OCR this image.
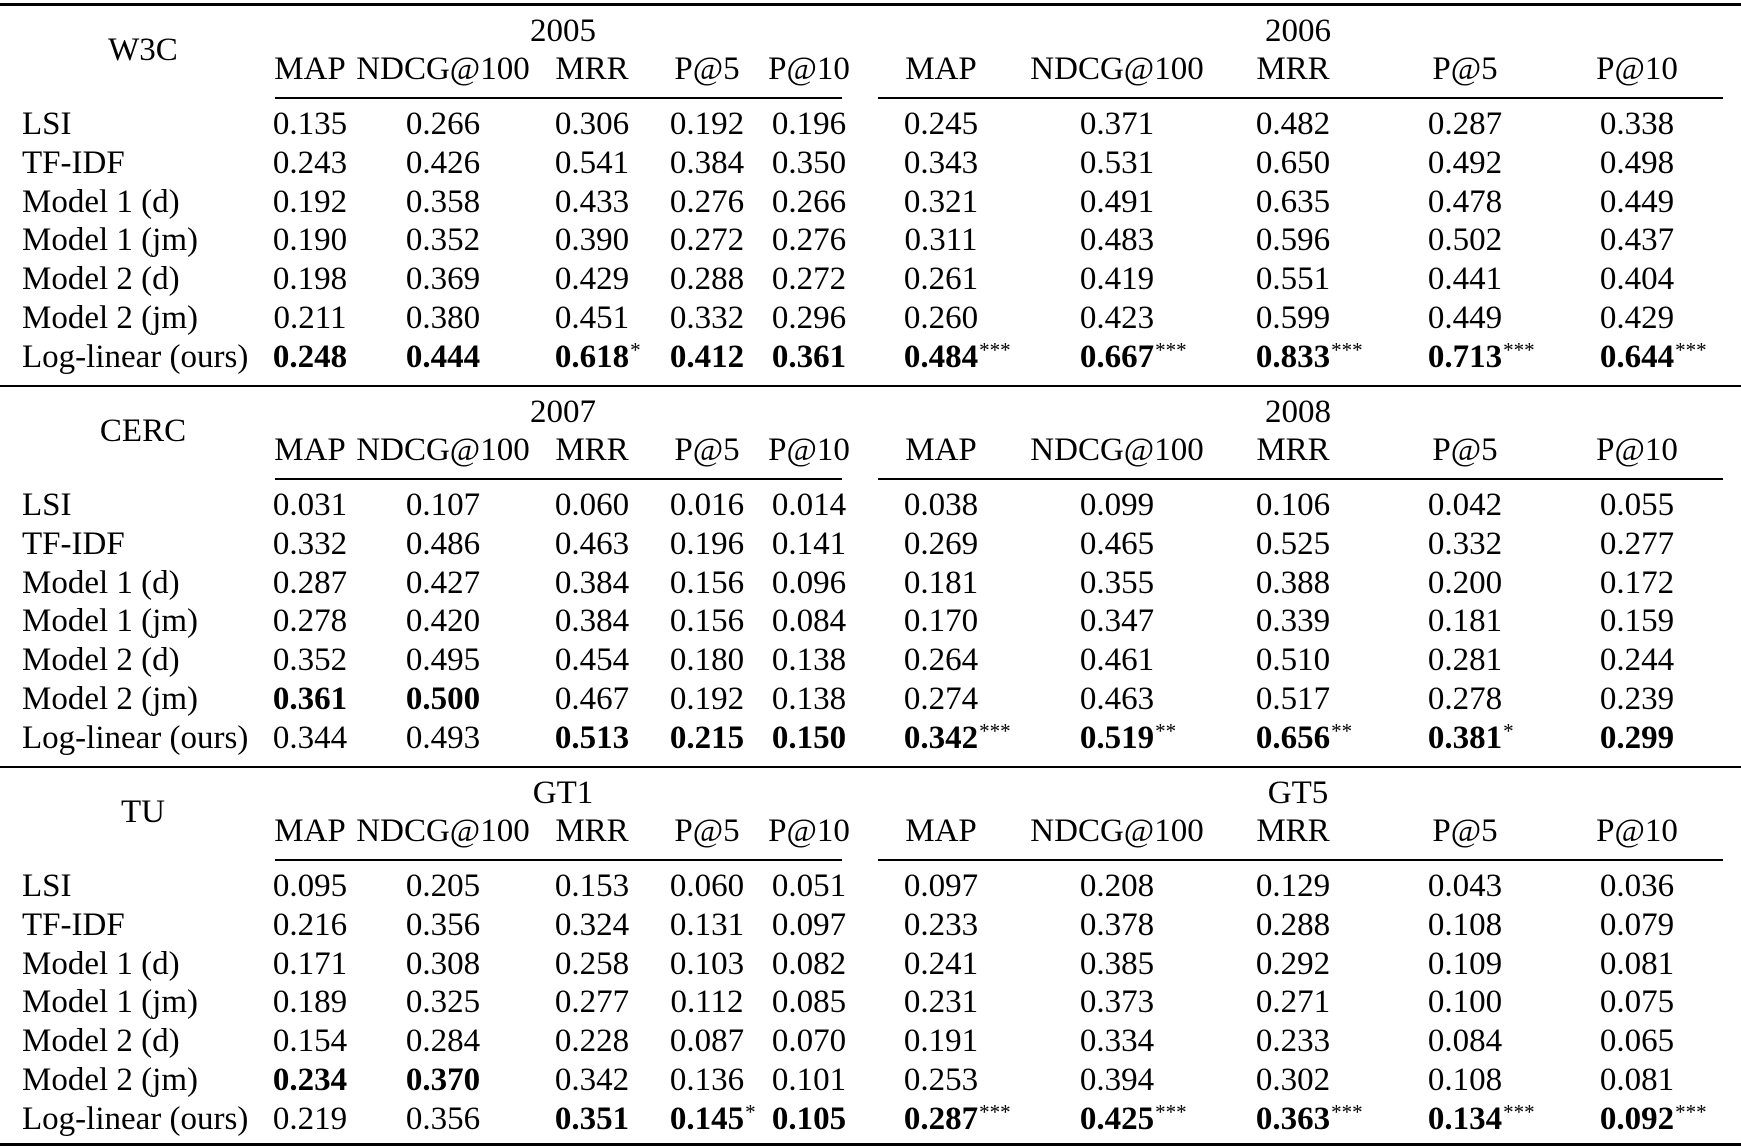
W3C
2005	2006
MAP NDCG@100 MRR P@5 P@10 MAP NDCG@100 MRR	P@5	P@10
LSI	0.135 0.266 0.306 0.192 0.196 0.245	0.371	0.482	0.287	0.338
TF-IDF	0.243 0.426 0.541 0.384 0.350 0.343	0.531	0.650	0.492	0.498
Model 1 (d)	0.192 0.358 0.433 0.276 0.266 0.321	0.491	0.635	0.478	0.449
Model 1 (jm) 0.190 0.352 0.390 0.272 0.276 0.311	0.483	0.596	0.502	0.437
Model 2 (d)	0.198 0.369 0.429 0.288 0.272 0.261	0.419	0.551	0.441	0.404
Model 2 (jm) 0.211 0.380 0.451 0.332 0.296 0.260	0.423	0.599	0.449	0.429
Log-linear (ours) 0.248 0.444 0.618 * 0.412 0.361 0.484 *** 0.667 *** 0.833 *** 0.713 *** 0.644 ***
CERC
2007	2008
MAP NDCG@100 MRR P@5 P@10 MAP NDCG@100 MRR	P@5	P@10
LSI	0.031 0.107 0.060 0.016 0.014 0.038	0.099	0.106	0.042	0.055
TF-IDF	0.332 0.486 0.463 0.196 0.141 0.269	0.465	0.525	0.332	0.277
Model 1 (d)	0.287 0.427 0.384 0.156 0.096 0.181	0.355	0.388	0.200	0.172
Model 1 (jm) 0.278 0.420 0.384 0.156 0.084 0.170	0.347	0.339	0.181	0.159
Model 2 (d)	0.352 0.495 0.454 0.180 0.138 0.264	0.461	0.510	0.281	0.244
Model 2 (jm) 0.361 0.500 0.467 0.192 0.138 0.274	0.463	0.517	0.278	0.239
Log-linear (ours) 0.344 0.493 0.513 0.215 0.150 0.342 *** 0.519 ** 0.656 ** 0.381 *	0.299
TU
GT1	GT5
MAP NDCG@100 MRR P@5 P@10 MAP NDCG@100 MRR	P@5	P@10
LSI	0.095 0.205 0.153 0.060 0.051 0.097	0.208	0.129	0.043	0.036
TF-IDF	0.216 0.356 0.324 0.131 0.097 0.233	0.378	0.288	0.108	0.079
Model 1 (d)	0.171 0.308 0.258 0.103 0.082 0.241	0.385	0.292	0.109	0.081
Model 1 (jm) 0.189 0.325 0.277 0.112 0.085 0.231	0.373	0.271	0.100	0.075
Model 2 (d)	0.154 0.284 0.228 0.087 0.070 0.191	0.334	0.233	0.084	0.065
Model 2 (jm) 0.234 0.370 0.342 0.136 0.101 0.253	0.394	0.302	0.108	0.081
Log-linear (ours) 0.219 0.356 0.351 0.145 * 0.105 0.287 *** 0.425 *** 0.363 *** 0.134 *** 0.092 ***
